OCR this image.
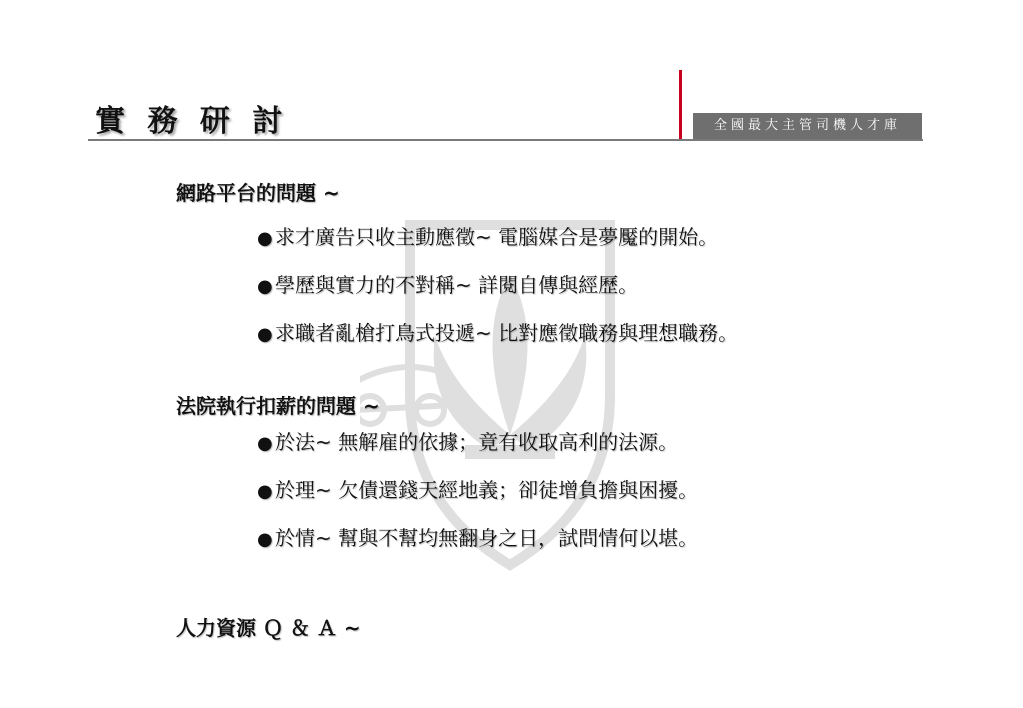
實 務 研 討	全國最大主管司機人才庫
網路平台的問題 ~
● 求才廣告只收主動應徵~ 電腦媒合是夢魘的開始。
● 學歷與實力的不對稱~ 詳閱自傳與經歷。
● 求職者亂槍打鳥式投遞~ 比對應徵職務與理想職務。
法院執行扣薪的問題 ~
● 於法~ 無解雇的依據；竟有收取高利的法源。
● 於理~ 欠債還錢天經地義；卻徒增負擔與困擾。
● 於情~ 幫與不幫均無翻身之日，試問情何以堪。
人力資源 Ｑ ＆ Ａ ~
